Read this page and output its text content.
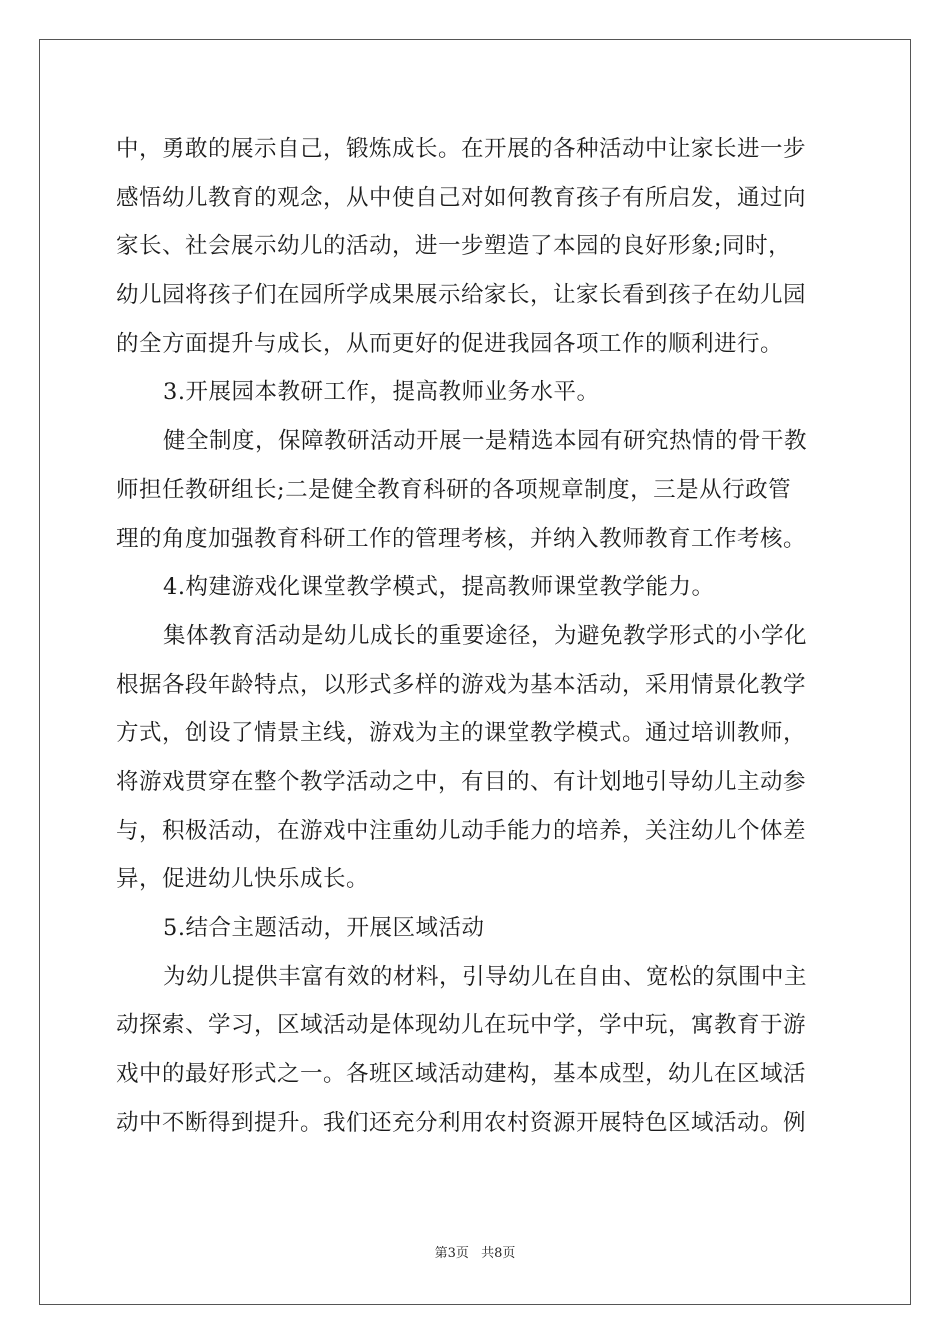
中，勇敢的展示自己，锻炼成长。在开展的各种活动中让家长进一步
感悟幼儿教育的观念，从中使自己对如何教育孩子有所启发，通过向
家长、社会展示幼儿的活动，进一步塑造了本园的良好形象;同时，
幼儿园将孩子们在园所学成果展示给家长，让家长看到孩子在幼儿园
的全方面提升与成长，从而更好的促进我园各项工作的顺利进行。
3.开展园本教研工作，提高教师业务水平。
健全制度，保障教研活动开展一是精选本园有研究热情的骨干教
师担任教研组长;二是健全教育科研的各项规章制度，三是从行政管
理的角度加强教育科研工作的管理考核，并纳入教师教育工作考核。
4.构建游戏化课堂教学模式，提高教师课堂教学能力。
集体教育活动是幼儿成长的重要途径，为避免教学形式的小学化
根据各段年龄特点，以形式多样的游戏为基本活动，采用情景化教学
方式，创设了情景主线，游戏为主的课堂教学模式。通过培训教师，
将游戏贯穿在整个教学活动之中，有目的、有计划地引导幼儿主动参
与，积极活动，在游戏中注重幼儿动手能力的培养，关注幼儿个体差
异，促进幼儿快乐成长。
5.结合主题活动，开展区域活动
为幼儿提供丰富有效的材料，引导幼儿在自由、宽松的氛围中主
动探索、学习，区域活动是体现幼儿在玩中学，学中玩，寓教育于游
戏中的最好形式之一。各班区域活动建构，基本成型，幼儿在区域活
动中不断得到提升。我们还充分利用农村资源开展特色区域活动。例
第3页 共8页
